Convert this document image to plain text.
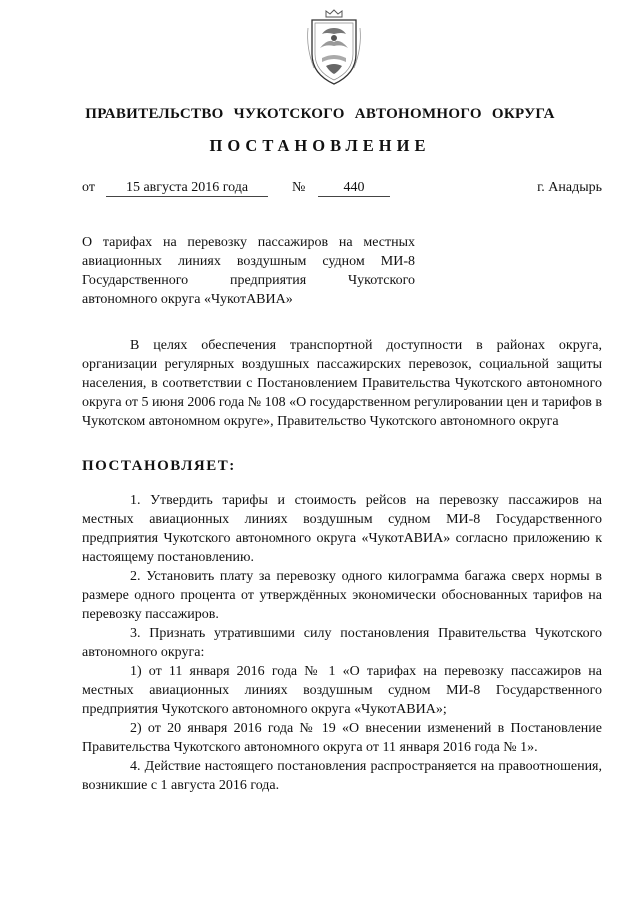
ПРАВИТЕЛЬСТВО ЧУКОТСКОГО АВТОНОМНОГО ОКРУГА
ПОСТАНОВЛЕНИЕ
от	15 августа 2016 года	№	440	г. Анадырь
О тарифах на перевозку пассажиров на местных авиационных линиях воздушным судном МИ-8 Государственного предприятия Чукотского автономного округа «ЧукотАВИА»

В целях обеспечения транспортной доступности в районах округа, организации регулярных воздушных пассажирских перевозок, социальной защиты населения, в соответствии с Постановлением Правительства Чукотского автономного округа от 5 июня 2006 года № 108 «О государственном регулировании цен и тарифов в Чукотском автономном округе», Правительство Чукотского автономного округа

ПОСТАНОВЛЯЕТ:

1. Утвердить тарифы и стоимость рейсов на перевозку пассажиров на местных авиационных линиях воздушным судном МИ-8 Государственного предприятия Чукотского автономного округа «ЧукотАВИА» согласно приложению к настоящему постановлению.

2. Установить плату за перевозку одного килограмма багажа сверх нормы в размере одного процента от утверждённых экономически обоснованных тарифов на перевозку пассажиров.

3. Признать утратившими силу постановления Правительства Чукотского автономного округа:

1) от 11 января 2016 года № 1 «О тарифах на перевозку пассажиров на местных авиационных линиях воздушным судном МИ-8 Государственного предприятия Чукотского автономного округа «ЧукотАВИА»;

2) от 20 января 2016 года № 19 «О внесении изменений в Постановление Правительства Чукотского автономного округа от 11 января 2016 года № 1».

4. Действие настоящего постановления распространяется на правоотношения, возникшие с 1 августа 2016 года.
